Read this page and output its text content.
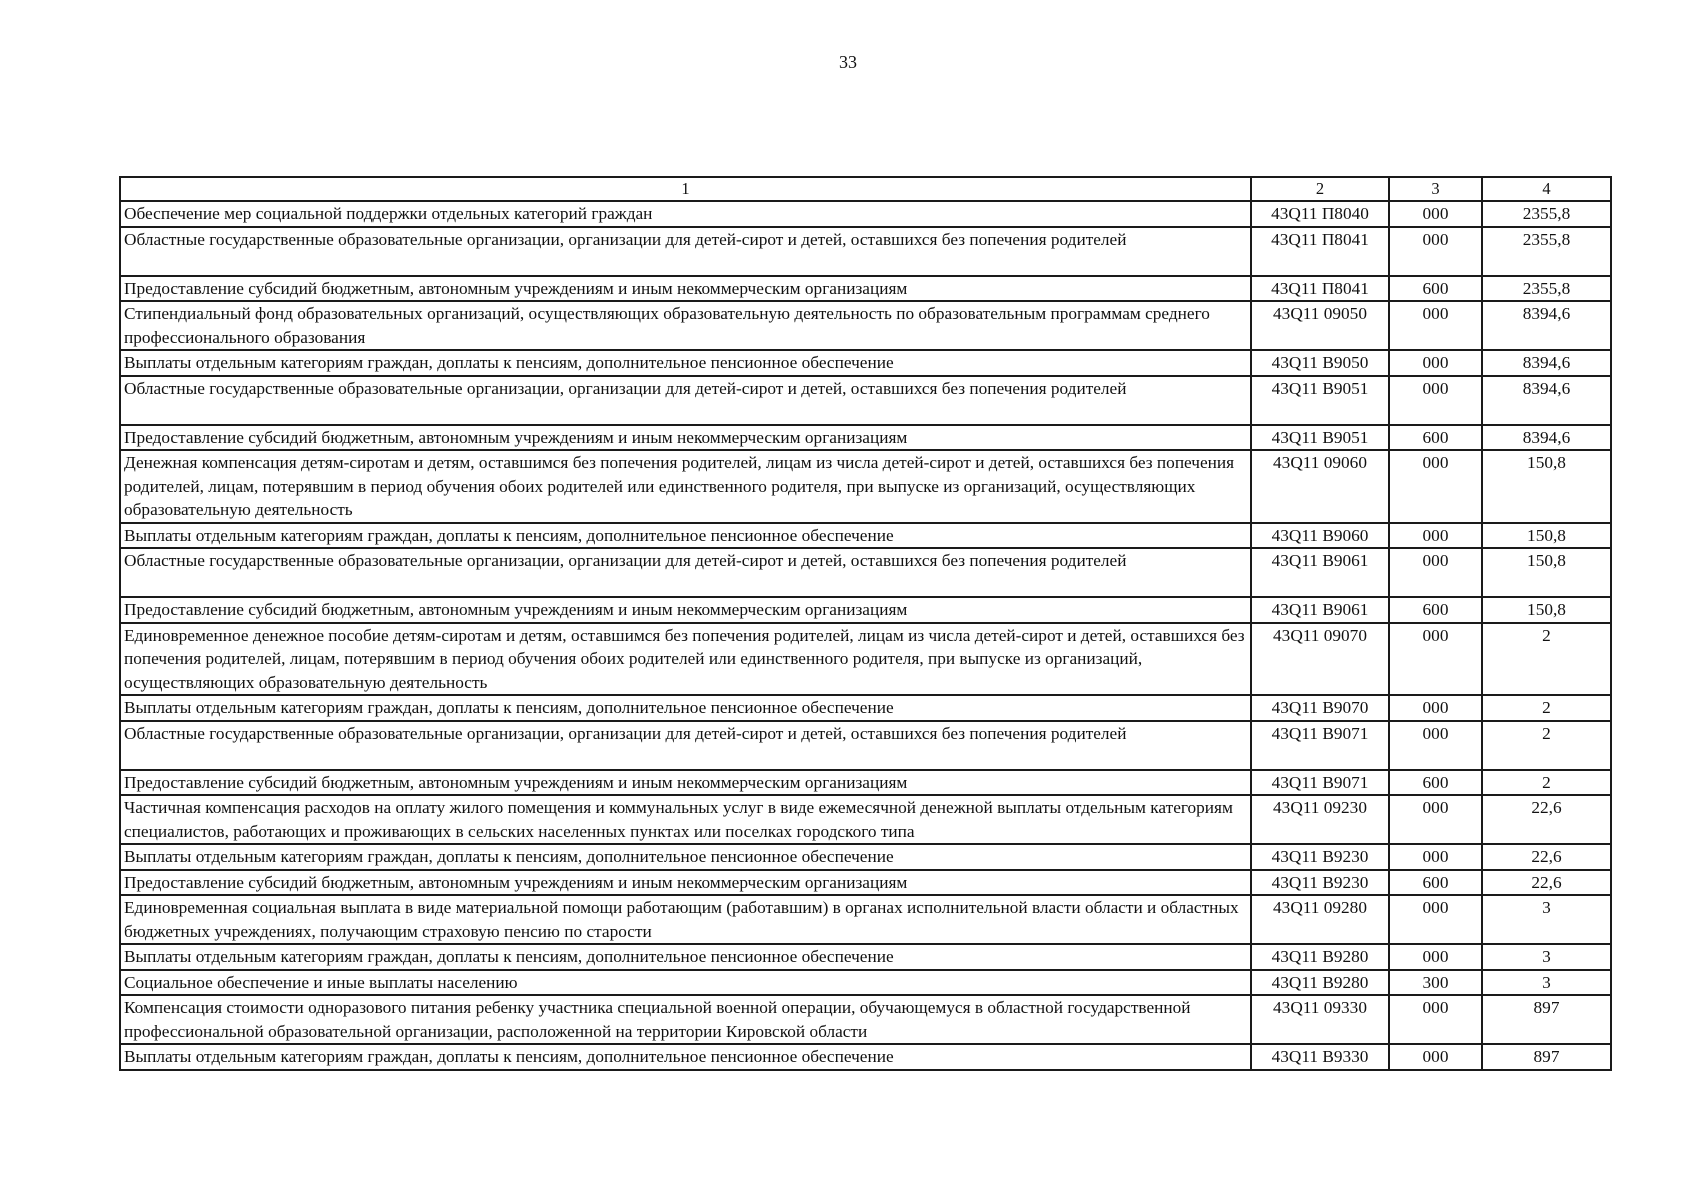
33
1	2	3	4
Обеспечение мер социальной поддержки отдельных категорий граждан	43Q11 П8040	000	2355,8
Областные государственные образовательные организации, организации для детей-сирот и детей, оставшихся без попечения родителей	43Q11 П8041	000	2355,8
Предоставление субсидий бюджетным, автономным учреждениям и иным некоммерческим организациям	43Q11 П8041	600	2355,8
Стипендиальный фонд образовательных организаций, осуществляющих образовательную деятельность по образовательным программам среднего профессионального образования	43Q11 09050	000	8394,6
Выплаты отдельным категориям граждан, доплаты к пенсиям, дополнительное пенсионное обеспечение	43Q11 В9050	000	8394,6
Областные государственные образовательные организации, организации для детей-сирот и детей, оставшихся без попечения родителей	43Q11 В9051	000	8394,6
Предоставление субсидий бюджетным, автономным учреждениям и иным некоммерческим организациям	43Q11 В9051	600	8394,6
Денежная компенсация детям-сиротам и детям, оставшимся без попечения родителей, лицам из числа детей-сирот и детей, оставшихся без попечения родителей, лицам, потерявшим в период обучения обоих родителей или единственного родителя, при выпуске из организаций, осуществляющих образовательную деятельность	43Q11 09060	000	150,8
Выплаты отдельным категориям граждан, доплаты к пенсиям, дополнительное пенсионное обеспечение	43Q11 В9060	000	150,8
Областные государственные образовательные организации, организации для детей-сирот и детей, оставшихся без попечения родителей	43Q11 В9061	000	150,8
Предоставление субсидий бюджетным, автономным учреждениям и иным некоммерческим организациям	43Q11 В9061	600	150,8
Единовременное денежное пособие детям-сиротам и детям, оставшимся без попечения родителей, лицам из числа детей-сирот и детей, оставшихся без попечения родителей, лицам, потерявшим в период обучения обоих родителей или единственного родителя, при выпуске из организаций, осуществляющих образовательную деятельность	43Q11 09070	000	2
Выплаты отдельным категориям граждан, доплаты к пенсиям, дополнительное пенсионное обеспечение	43Q11 В9070	000	2
Областные государственные образовательные организации, организации для детей-сирот и детей, оставшихся без попечения родителей	43Q11 В9071	000	2
Предоставление субсидий бюджетным, автономным учреждениям и иным некоммерческим организациям	43Q11 В9071	600	2
Частичная компенсация расходов на оплату жилого помещения и коммунальных услуг в виде ежемесячной денежной выплаты отдельным категориям специалистов, работающих и проживающих в сельских населенных пунктах или поселках городского типа	43Q11 09230	000	22,6
Выплаты отдельным категориям граждан, доплаты к пенсиям, дополнительное пенсионное обеспечение	43Q11 В9230	000	22,6
Предоставление субсидий бюджетным, автономным учреждениям и иным некоммерческим организациям	43Q11 В9230	600	22,6
Единовременная социальная выплата в виде материальной помощи работающим (работавшим) в органах исполнительной власти области и областных бюджетных учреждениях, получающим страховую пенсию по старости	43Q11 09280	000	3
Выплаты отдельным категориям граждан, доплаты к пенсиям, дополнительное пенсионное обеспечение	43Q11 В9280	000	3
Социальное обеспечение и иные выплаты населению	43Q11 В9280	300	3
Компенсация стоимости одноразового питания ребенку участника специальной военной операции, обучающемуся в областной государственной профессиональной образовательной организации, расположенной на территории Кировской области	43Q11 09330	000	897
Выплаты отдельным категориям граждан, доплаты к пенсиям, дополнительное пенсионное обеспечение	43Q11 В9330	000	897
